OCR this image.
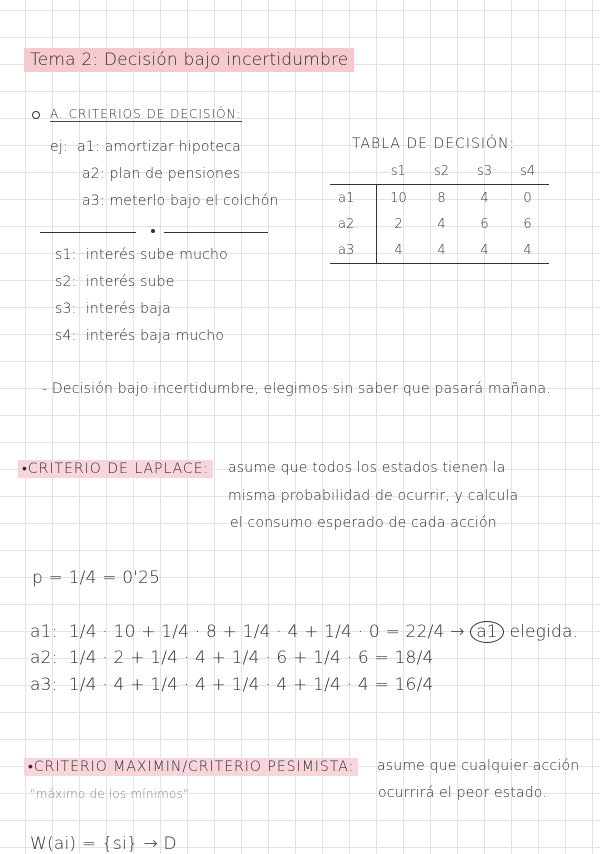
Tema 2: Decisión bajo incertidumbre
A. CRITERIOS DE DECISIÓN:
ej: a1: amortizar hipoteca
a2: plan de pensiones
a3: meterlo bajo el colchón
s1: interés sube mucho
s2: interés sube
s3: interés baja
s4: interés baja mucho
TABLA DE DECISIÓN:
	s1	s2	s3	s4
a1	10	8	4	0
a2	2	4	6	6
a3	4	4	4	4
- Decisión bajo incertidumbre, elegimos sin saber que pasará mañana.
•CRITERIO DE LAPLACE: asume que todos los estados tienen la
misma probabilidad de ocurrir, y calcula
el consumo esperado de cada acción
p = 1/4 = 0'25
a1: 1/4 · 10 + 1/4 · 8 + 1/4 · 4 + 1/4 · 0 = 22/4 → a1 elegida.
a2: 1/4 · 2 + 1/4 · 4 + 1/4 · 6 + 1/4 · 6 = 18/4
a3: 1/4 · 4 + 1/4 · 4 + 1/4 · 4 + 1/4 · 4 = 16/4
•CRITERIO MAXIMIN/CRITERIO PESIMISTA: asume que cualquier acción
"máximo de los mínimos"	ocurrirá el peor estado.
W(ai) = {si} → D
